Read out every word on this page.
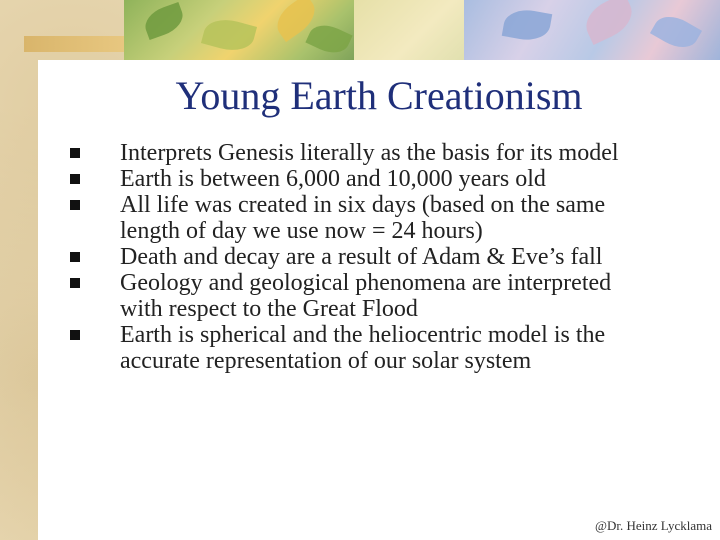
Young Earth Creationism
Interprets Genesis literally as the basis for its model
Earth is between 6,000 and 10,000 years old
All life was created in six days (based on the same length of day we use now = 24 hours)
Death and decay are a result of Adam & Eve’s fall
Geology and geological phenomena are interpreted with respect to the Great Flood
Earth is spherical and the heliocentric model is the accurate representation of our solar system
@Dr. Heinz Lycklama
